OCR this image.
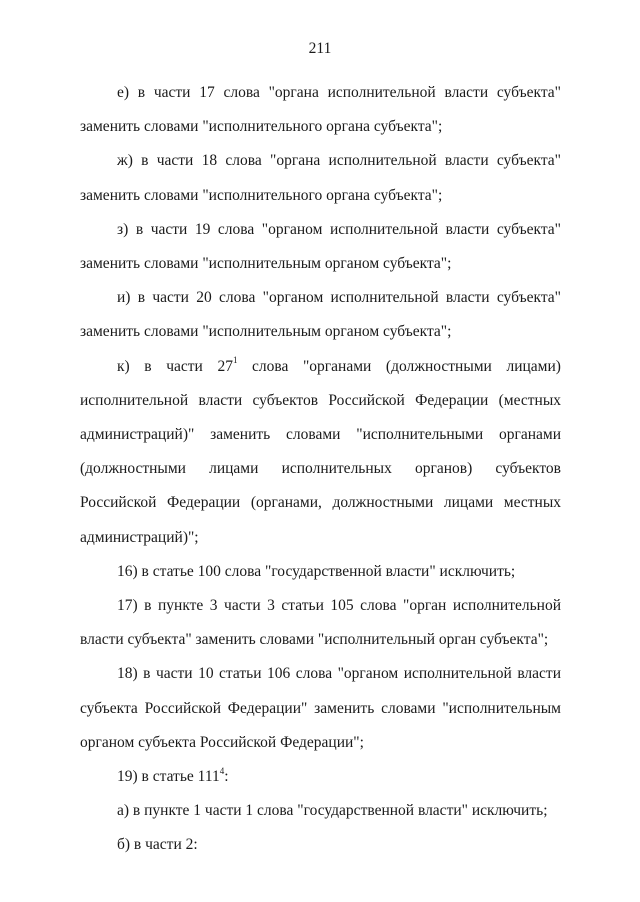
211

е) в части 17 слова "органа исполнительной власти субъекта" заменить словами "исполнительного органа субъекта";

ж) в части 18 слова "органа исполнительной власти субъекта" заменить словами "исполнительного органа субъекта";

з) в части 19 слова "органом исполнительной власти субъекта" заменить словами "исполнительным органом субъекта";

и) в части 20 слова "органом исполнительной власти субъекта" заменить словами "исполнительным органом субъекта";

к) в части $27^1$ слова "органами (должностными лицами)

исполнительной власти субъектов Российской Федерации (местных администраций)" заменить словами "исполнительными органами (должностными лицами исполнительных органов) субъектов Российской Федерации (органами, должностными лицами местных администраций)";

16) в статье 100 слова "государственной власти" исключить;

17) в пункте 3 части 3 статьи 105 слова "орган исполнительной власти субъекта" заменить словами "исполнительный орган субъекта";

18) в части 10 статьи 106 слова "органом исполнительной власти субъекта Российской Федерации" заменить словами "исполнительным органом субъекта Российской Федерации";

19) в статье $111^4$:

а) в пункте 1 части 1 слова "государственной власти" исключить;

б) в части 2:
